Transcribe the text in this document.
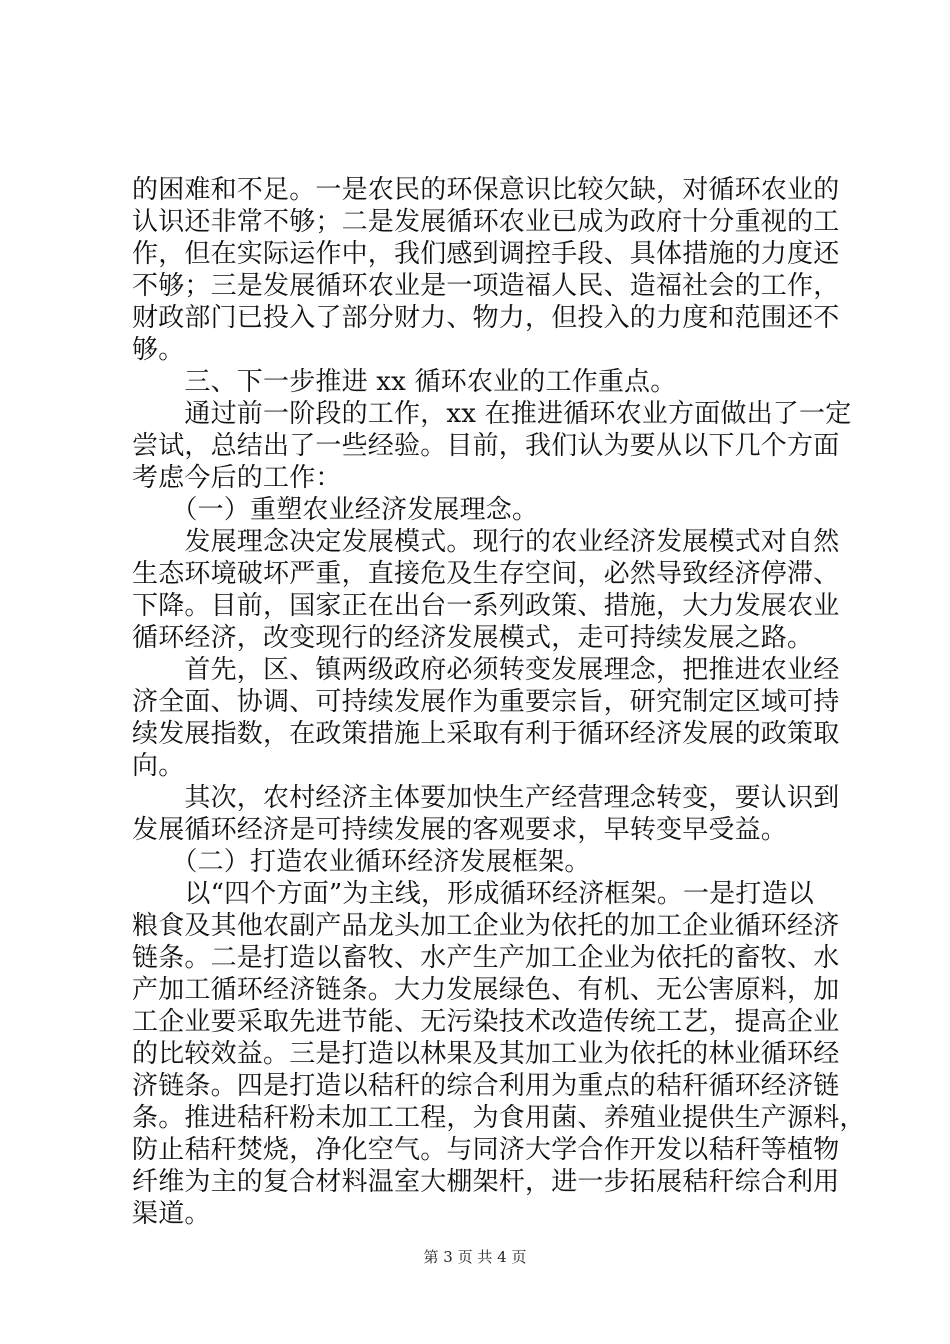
的困难和不足。一是农民的环保意识比较欠缺，对循环农业的
认识还非常不够；二是发展循环农业已成为政府十分重视的工
作，但在实际运作中，我们感到调控手段、具体措施的力度还
不够；三是发展循环农业是一项造福人民、造福社会的工作，
财政部门已投入了部分财力、物力，但投入的力度和范围还不
够。
　　三、下一步推进 xx 循环农业的工作重点。
　　通过前一阶段的工作，xx 在推进循环农业方面做出了一定
尝试，总结出了一些经验。目前，我们认为要从以下几个方面
考虑今后的工作：
　　（一）重塑农业经济发展理念。
　　发展理念决定发展模式。现行的农业经济发展模式对自然
生态环境破坏严重，直接危及生存空间，必然导致经济停滞、
下降。目前，国家正在出台一系列政策、措施，大力发展农业
循环经济，改变现行的经济发展模式，走可持续发展之路。
　　首先，区、镇两级政府必须转变发展理念，把推进农业经
济全面、协调、可持续发展作为重要宗旨，研究制定区域可持
续发展指数，在政策措施上采取有利于循环经济发展的政策取
向。
　　其次，农村经济主体要加快生产经营理念转变，要认识到
发展循环经济是可持续发展的客观要求，早转变早受益。
　　（二）打造农业循环经济发展框架。
　　以“四个方面”为主线，形成循环经济框架。一是打造以
粮食及其他农副产品龙头加工企业为依托的加工企业循环经济
链条。二是打造以畜牧、水产生产加工企业为依托的畜牧、水
产加工循环经济链条。大力发展绿色、有机、无公害原料，加
工企业要采取先进节能、无污染技术改造传统工艺，提高企业
的比较效益。三是打造以林果及其加工业为依托的林业循环经
济链条。四是打造以秸秆的综合利用为重点的秸秆循环经济链
条。推进秸秆粉未加工工程，为食用菌、养殖业提供生产源料，
防止秸秆焚烧，净化空气。与同济大学合作开发以秸秆等植物
纤维为主的复合材料温室大棚架杆，进一步拓展秸秆综合利用
渠道。
第 3 页 共 4 页
